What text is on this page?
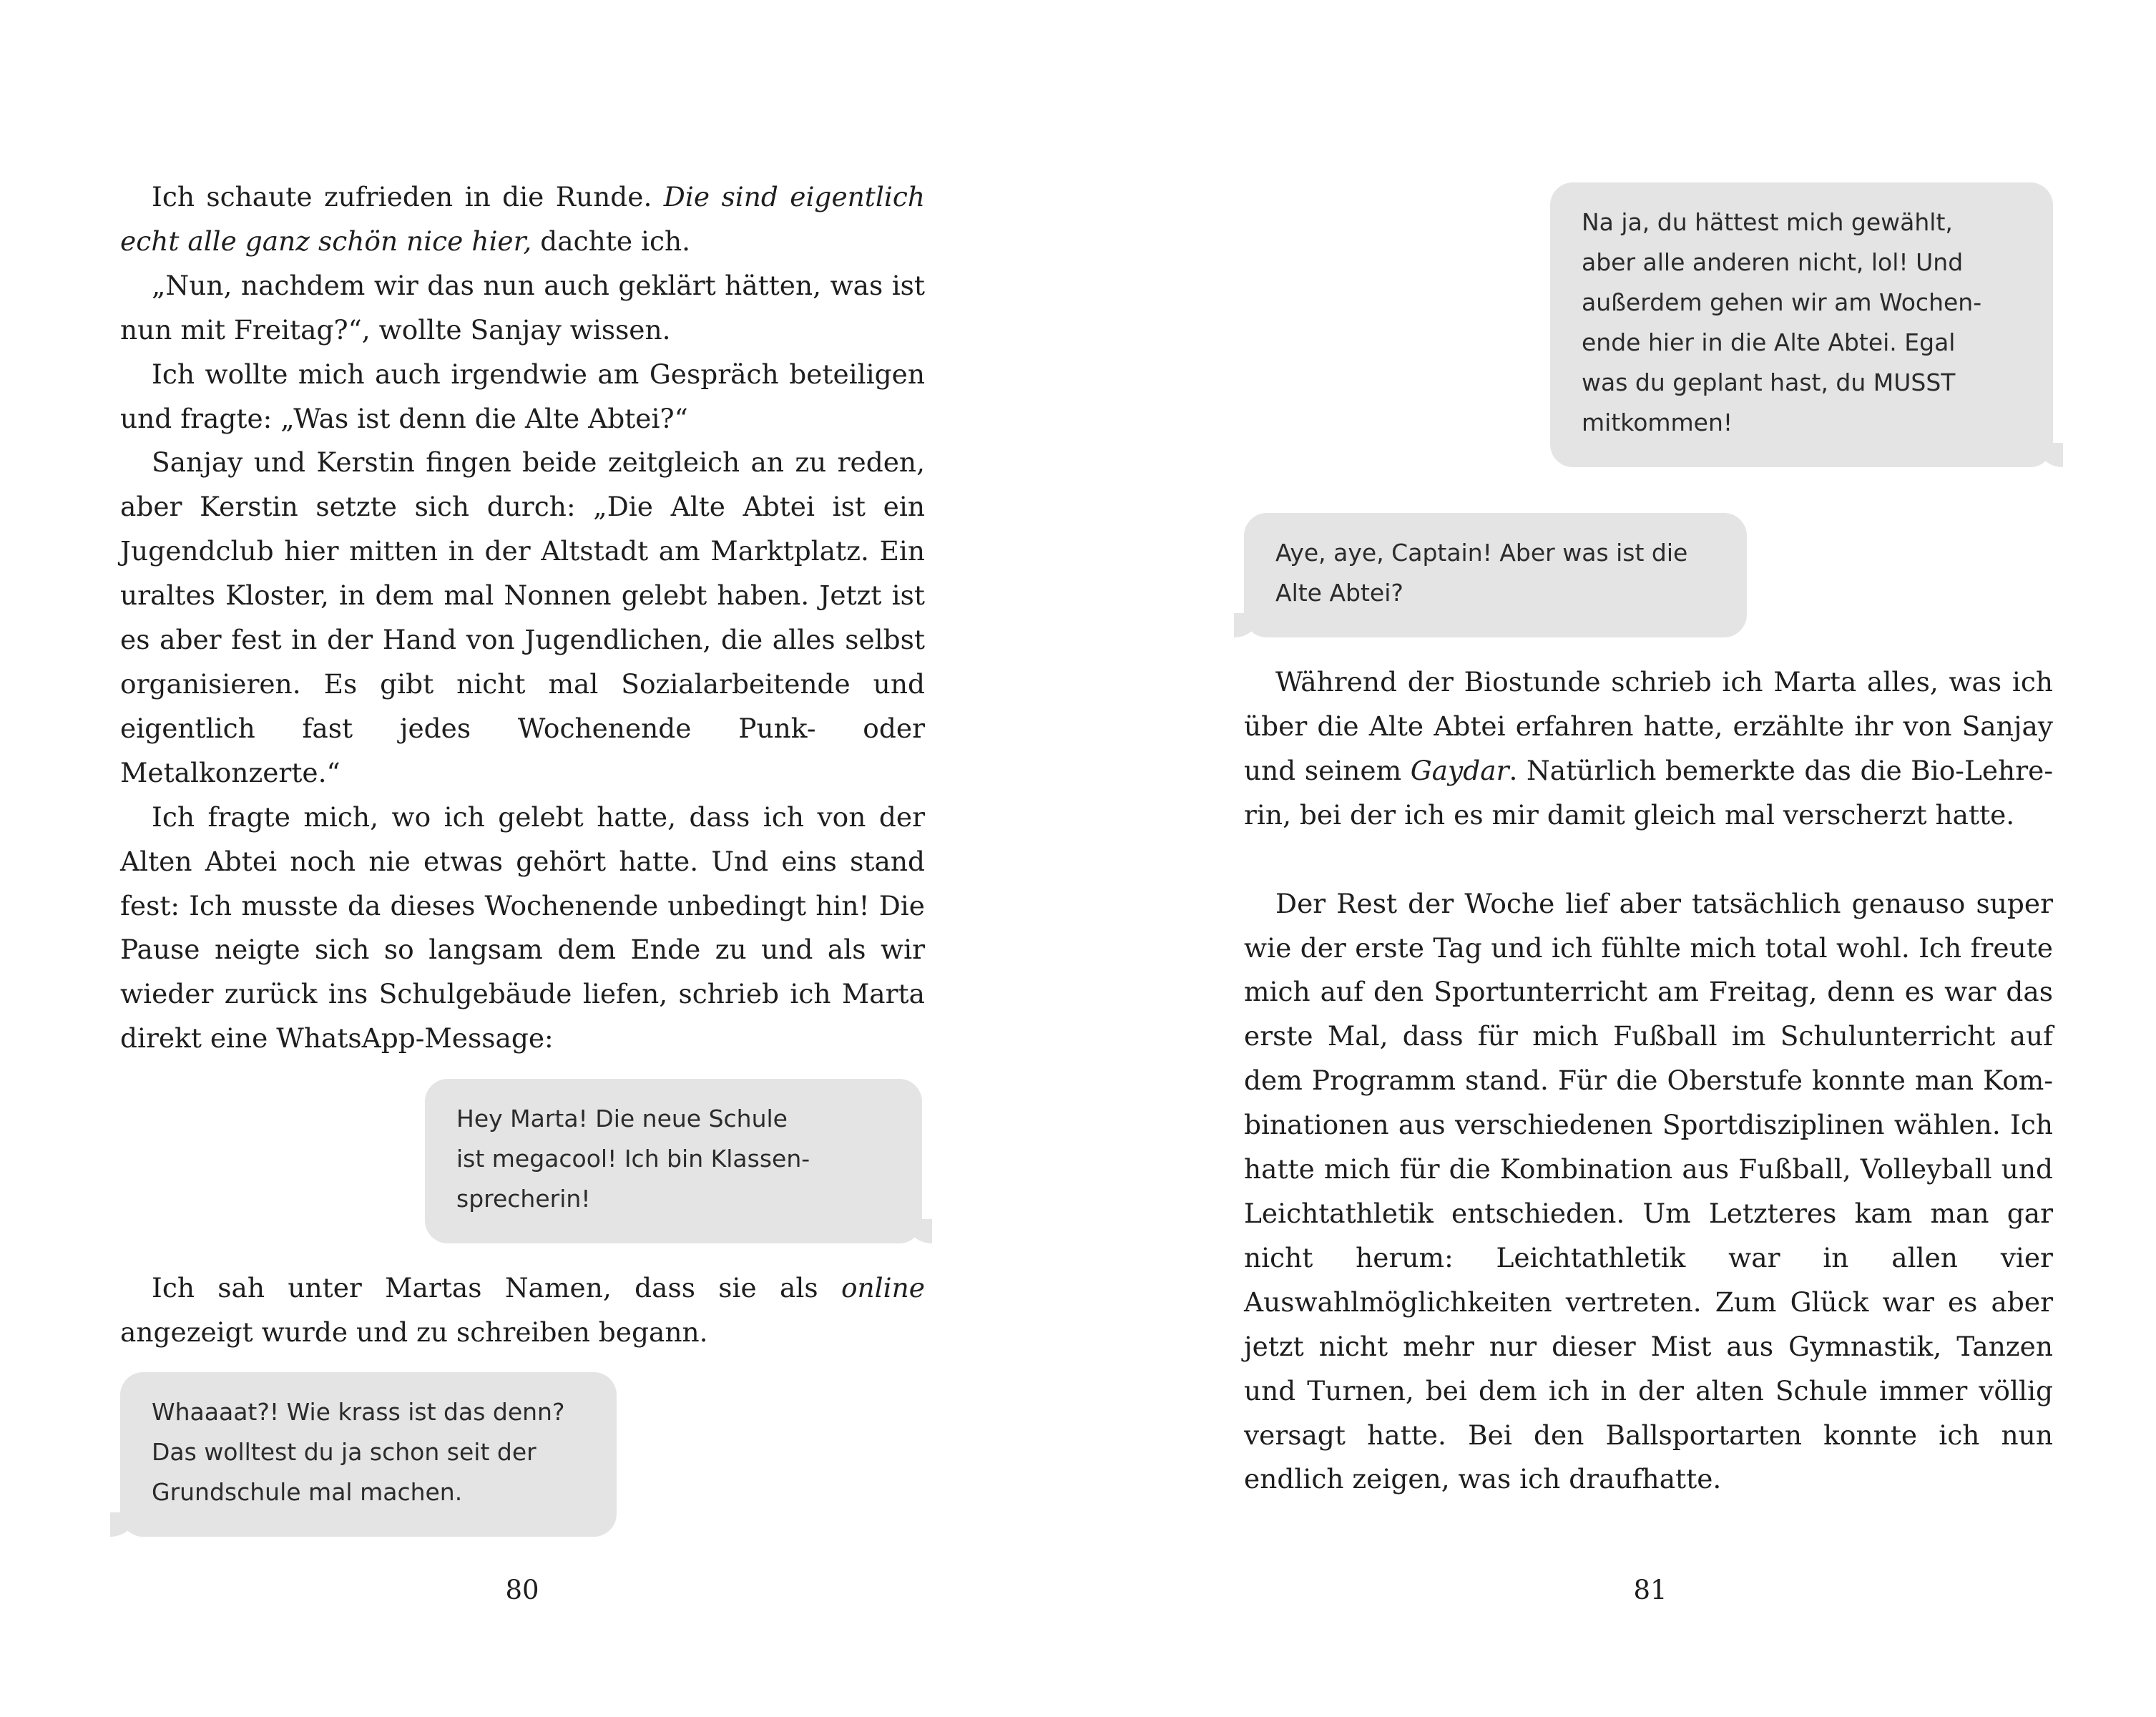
Ich schaute zufrieden in die Runde. Die sind eigentlich echt alle ganz schön nice hier, dachte ich.

„Nun, nachdem wir das nun auch geklärt hätten, was ist nun mit Freitag?“, wollte Sanjay wissen.

Ich wollte mich auch irgendwie am Gespräch beteiligen und fragte: „Was ist denn die Alte Abtei?“

Sanjay und Kerstin fingen beide zeitgleich an zu reden, aber Kerstin setzte sich durch: „Die Alte Abtei ist ein Jugendclub hier mitten in der Altstadt am Marktplatz. Ein uraltes Kloster, in dem mal Nonnen gelebt haben. Jetzt ist es aber fest in der Hand von Jugendlichen, die alles selbst organisieren. Es gibt nicht mal Sozialarbeitende und eigentlich fast jedes Wochenende Punk- oder Metalkonzerte.“

Ich fragte mich, wo ich gelebt hatte, dass ich von der Alten Abtei noch nie etwas gehört hatte. Und eins stand fest: Ich musste da dieses Wochenende unbedingt hin! Die Pause neigte sich so langsam dem Ende zu und als wir wieder zurück ins Schulgebäude liefen, schrieb ich Marta direkt eine WhatsApp-Message:

Hey Marta! Die neue Schule
ist megacool! Ich bin Klassen-
sprecherin!

Ich sah unter Martas Namen, dass sie als online angezeigt wurde und zu schreiben begann.

Whaaaat?! Wie krass ist das denn?
Das wolltest du ja schon seit der
Grundschule mal machen.
80
Na ja, du hättest mich gewählt,
aber alle anderen nicht, lol! Und
außerdem gehen wir am Wochen-
ende hier in die Alte Abtei. Egal
was du geplant hast, du MUSST
mitkommen!
Aye, aye, Captain! Aber was ist die
Alte Abtei?

Während der Biostunde schrieb ich Marta alles, was ich über die Alte Abtei erfahren hatte, erzählte ihr von Sanjay und seinem Gaydar. Natürlich bemerkte das die Bio-Lehrerin, bei der ich es mir damit gleich mal verscherzt hatte.

Der Rest der Woche lief aber tatsächlich genauso super wie der erste Tag und ich fühlte mich total wohl. Ich freute mich auf den Sportunterricht am Freitag, denn es war das erste Mal, dass für mich Fußball im Schulunterricht auf dem Programm stand. Für die Oberstufe konnte man Kombinationen aus verschiedenen Sportdisziplinen wählen. Ich hatte mich für die Kombination aus Fußball, Volleyball und Leichtathletik entschieden. Um Letzteres kam man gar nicht herum: Leichtathletik war in allen vier Auswahlmöglichkeiten vertreten. Zum Glück war es aber jetzt nicht mehr nur dieser Mist aus Gymnastik, Tanzen und Turnen, bei dem ich in der alten Schule immer völlig versagt hatte. Bei den Ballsportarten konnte ich nun endlich zeigen, was ich draufhatte.

81
